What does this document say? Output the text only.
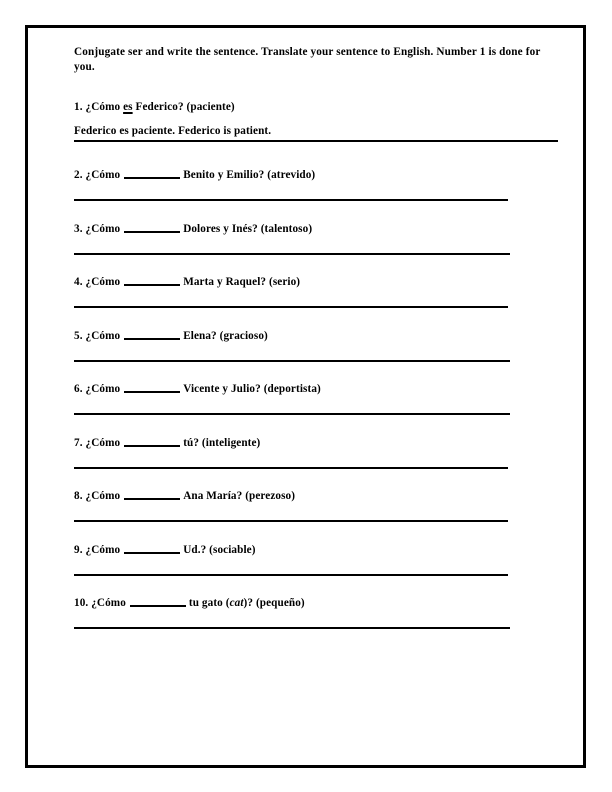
Conjugate ser and write the sentence. Translate your sentence to English. Number 1 is done for you.

1. ¿Cómo es Federico? (paciente)
Federico es paciente. Federico is patient.
2. ¿Cómo	Benito y Emilio? (atrevido)
3. ¿Cómo	Dolores y Inés? (talentoso)
4. ¿Cómo	Marta y Raquel? (serio)
5. ¿Cómo	Elena? (gracioso)
6. ¿Cómo	Vicente y Julio? (deportista)
7. ¿Cómo	tú? (inteligente)
8. ¿Cómo	Ana María? (perezoso)
9. ¿Cómo	Ud.? (sociable)
10. ¿Cómo	tu gato (cat)? (pequeño)
